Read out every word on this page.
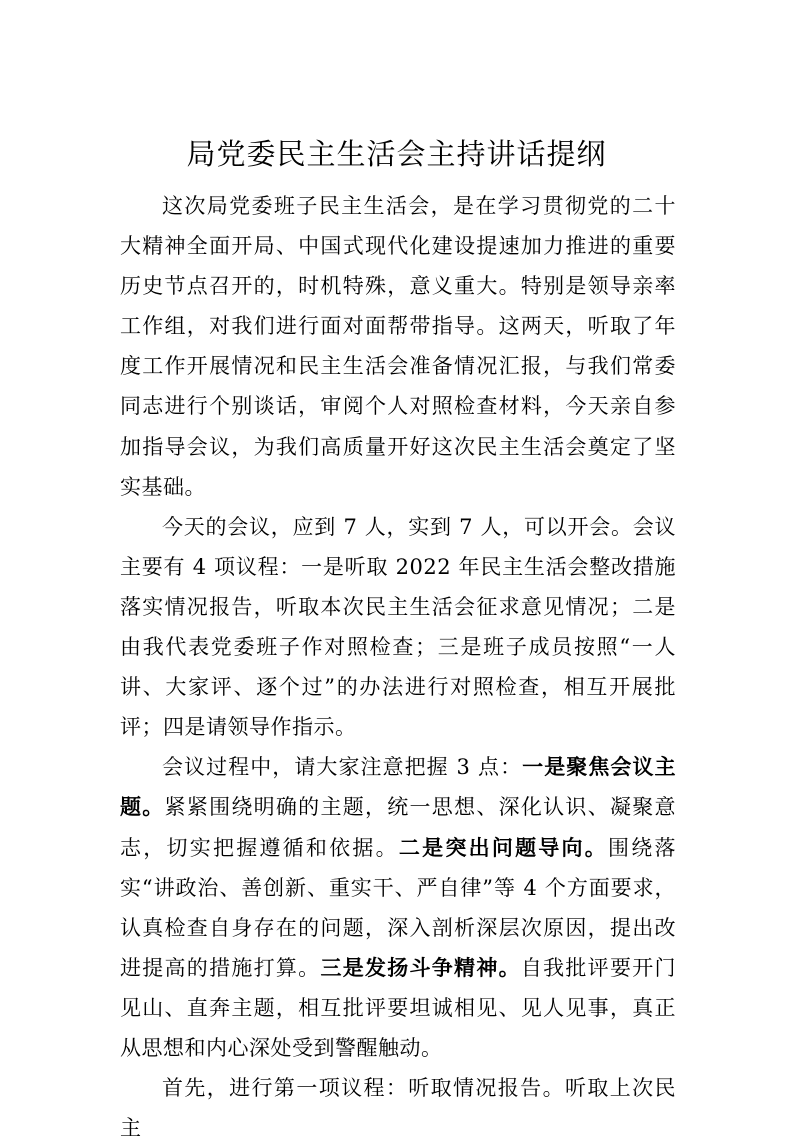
局党委民主生活会主持讲话提纲

这次局党委班子民主生活会，是在学习贯彻党的二十大精神全面开局、中国式现代化建设提速加力推进的重要历史节点召开的，时机特殊，意义重大。特别是领导亲率工作组，对我们进行面对面帮带指导。这两天，听取了年度工作开展情况和民主生活会准备情况汇报，与我们常委同志进行个别谈话，审阅个人对照检查材料，今天亲自参加指导会议，为我们高质量开好这次民主生活会奠定了坚实基础。

今天的会议，应到 7 人，实到 7 人，可以开会。会议主要有 4 项议程：一是听取 2022 年民主生活会整改措施落实情况报告，听取本次民主生活会征求意见情况；二是由我代表党委班子作对照检查；三是班子成员按照“一人讲、大家评、逐个过”的办法进行对照检查，相互开展批评；四是请领导作指示。

会议过程中，请大家注意把握 3 点：一是聚焦会议主题。紧紧围绕明确的主题，统一思想、深化认识、凝聚意志，切实把握遵循和依据。二是突出问题导向。围绕落实“讲政治、善创新、重实干、严自律”等 4 个方面要求，认真检查自身存在的问题，深入剖析深层次原因，提出改进提高的措施打算。三是发扬斗争精神。自我批评要开门见山、直奔主题，相互批评要坦诚相见、见人见事，真正从思想和内心深处受到警醒触动。

首先，进行第一项议程：听取情况报告。听取上次民主
